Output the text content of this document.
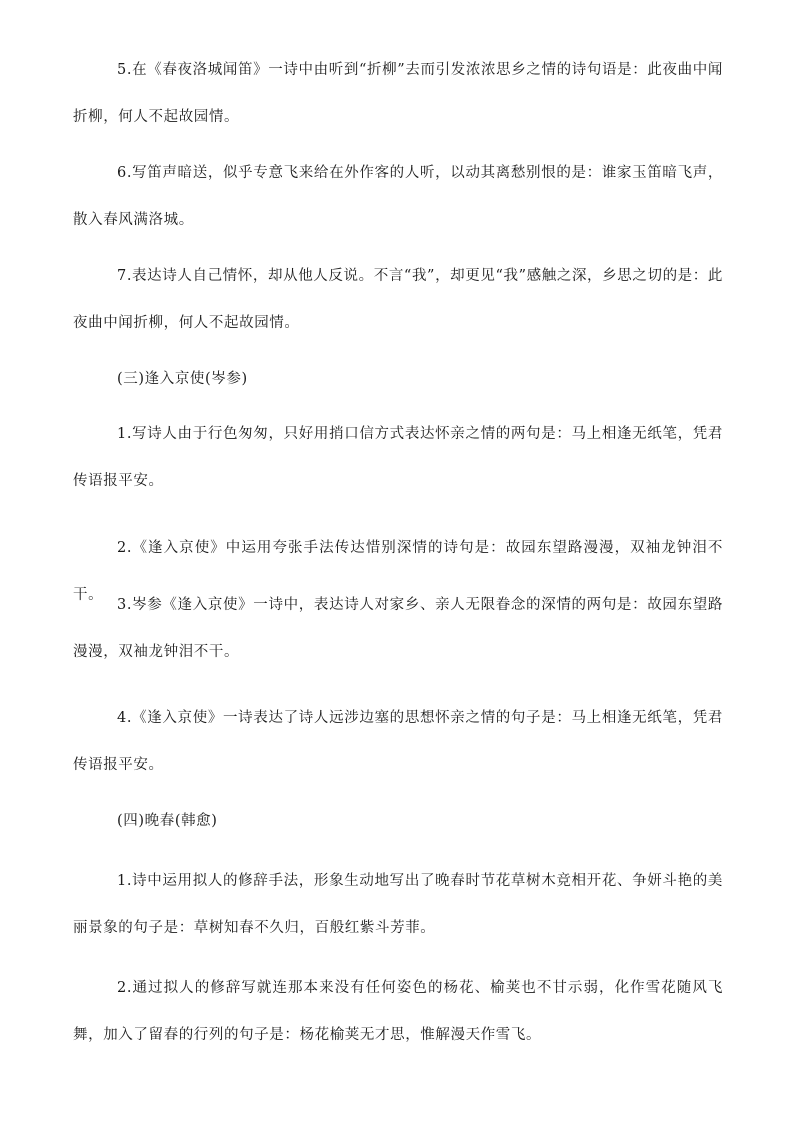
5.在《春夜洛城闻笛》一诗中由听到“折柳”去而引发浓浓思乡之情的诗句语是：此夜曲中闻折柳，何人不起故园情。

6.写笛声暗送，似乎专意飞来给在外作客的人听，以动其离愁别恨的是：谁家玉笛暗飞声，散入春风满洛城。

7.表达诗人自己情怀，却从他人反说。不言“我”，却更见“我”感触之深，乡思之切的是：此夜曲中闻折柳，何人不起故园情。

(三)逢入京使(岑参)

1.写诗人由于行色匆匆，只好用捎口信方式表达怀亲之情的两句是：马上相逢无纸笔，凭君传语报平安。

2.《逢入京使》中运用夸张手法传达惜别深情的诗句是：故园东望路漫漫，双袖龙钟泪不干。

3.岑参《逢入京使》一诗中，表达诗人对家乡、亲人无限眷念的深情的两句是：故园东望路漫漫，双袖龙钟泪不干。

4.《逢入京使》一诗表达了诗人远涉边塞的思想怀亲之情的句子是：马上相逢无纸笔，凭君传语报平安。

(四)晚春(韩愈)

1.诗中运用拟人的修辞手法，形象生动地写出了晚春时节花草树木竞相开花、争妍斗艳的美丽景象的句子是：草树知春不久归，百般红紫斗芳菲。

2.通过拟人的修辞写就连那本来没有任何姿色的杨花、榆荚也不甘示弱，化作雪花随风飞舞，加入了留春的行列的句子是：杨花榆荚无才思，惟解漫天作雪飞。
